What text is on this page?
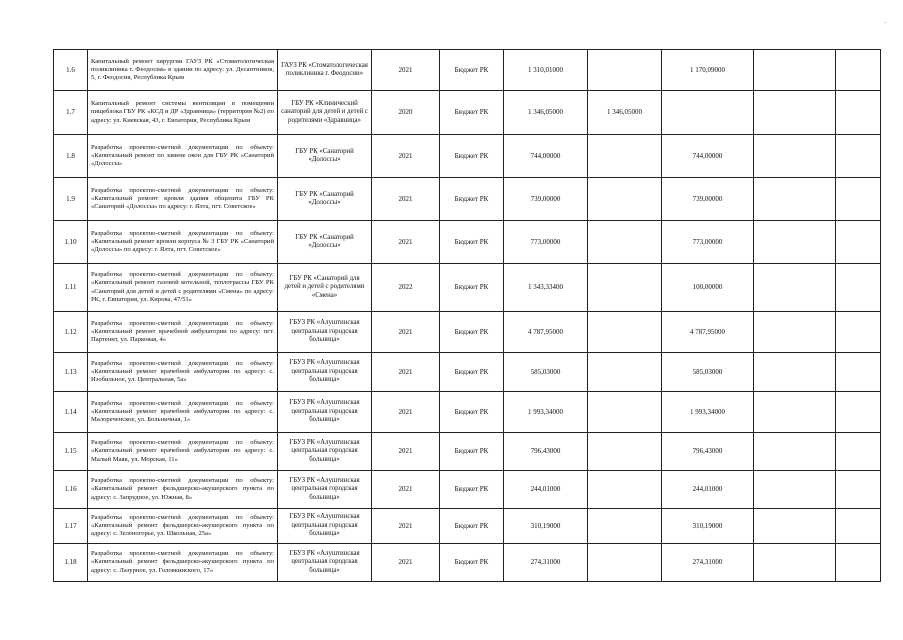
·
1.6	Капитальный ремонт хирургии ГАУЗ РК «Стоматологическая поликлиника г. Феодосия» в здании по адресу: ул. Десантников, 5, г. Феодосия, Республика Крым	ГАУЗ РК «Стоматологическая поликлиника г. Феодосии»	2021	Бюджет РК	1 310,01000		1 170,09000		
1.7	Капитальный ремонт системы вентиляции в помещении пищеблока ГБУ РК «КСД и ДР «Здравница» (территория №2) по адресу: ул. Киевская, 43, г. Евпатория, Республика Крым	ГБУ РК «Клинический санаторий для детей и детей с родителями «Здравница»	2020	Бюджет РК	1 346,05000	1 346,05000			
1.8	Разработка проектно-сметной документации по объекту: «Капитальный ремонт по замене окон для ГБУ РК «Санаторий «Долоссы»	ГБУ РК «Санаторий «Долоссы»	2021	Бюджет РК	744,00000		744,00000		
1.9	Разработка проектно-сметной документации по объекту: «Капитальный ремонт кровли здания общепита ГБУ РК «Санаторий «Долоссы» по адресу: г. Ялта, пгт. Советское»	ГБУ РК «Санаторий «Долоссы»	2021	Бюджет РК	739,00000		739,00000		
1.10	Разработка проектно-сметной документации по объекту: «Капитальный ремонт кровли корпуса № 3 ГБУ РК «Санаторий «Долоссы» по адресу: г. Ялта, пгт. Советское»	ГБУ РК «Санаторий «Долоссы»	2021	Бюджет РК	773,00000		773,00000		
1.11	Разработка проектно-сметной документации по объекту: «Капитальный ремонт газовой котельной, теплотрассы ГБУ РК «Санаторий для детей и детей с родителями «Смена» по адресу: РК, г. Евпатория, ул. Кирова, 47/51»	ГБУ РК «Санаторий для детей и детей с родителями «Смена»	2022	Бюджет РК	1 343,33400		100,00000		
1.12	Разработка проектно-сметной документации по объекту: «Капитальный ремонт врачебной амбулатории по адресу: пгт. Партенит, ул. Парковая, 4»	ГБУЗ РК «Алуштинская центральная городская больница»	2021	Бюджет РК	4 787,95000		4 787,95000		
1.13	Разработка проектно-сметной документации по объекту: «Капитальный ремонт врачебной амбулатории по адресу: с. Изобильное, ул. Центральная, 5а»	ГБУЗ РК «Алуштинская центральная городская больница»	2021	Бюджет РК	585,03000		585,03000		
1.14	Разработка проектно-сметной документации по объекту: «Капитальный ремонт врачебной амбулатории по адресу: с. Малореченское, ул. Больничная, 1»	ГБУЗ РК «Алуштинская центральная городская больница»	2021	Бюджет РК	1 993,34000		1 993,34000		
1.15	Разработка проектно-сметной документации по объекту: «Капитальный ремонт врачебной амбулатории по адресу: с. Малый Маяк, ул. Морская, 11»	ГБУЗ РК «Алуштинская центральная городская больница»	2021	Бюджет РК	796,43000		796,43000		
1.16	Разработка проектно-сметной документации по объекту: «Капитальный ремонт фельдшерско-акушерского пункта по адресу: с. Запрудное, ул. Южная, 8»	ГБУЗ РК «Алуштинская центральная городская больница»	2021	Бюджет РК	244,01000		244,01000		
1.17	Разработка проектно-сметной документации по объекту: «Капитальный ремонт фельдшерско-акушерского пункта по адресу: с. Зеленогорье, ул. Школьная, 25а»	ГБУЗ РК «Алуштинская центральная городская больница»	2021	Бюджет РК	310,19000		310,19000		
1.18	Разработка проектно-сметной документации по объекту: «Капитальный ремонт фельдшерско-акушерского пункта по адресу: с. Лазурное, ул. Головкинского, 17»	ГБУЗ РК «Алуштинская центральная городская больница»	2021	Бюджет РК	274,31000		274,31000		
